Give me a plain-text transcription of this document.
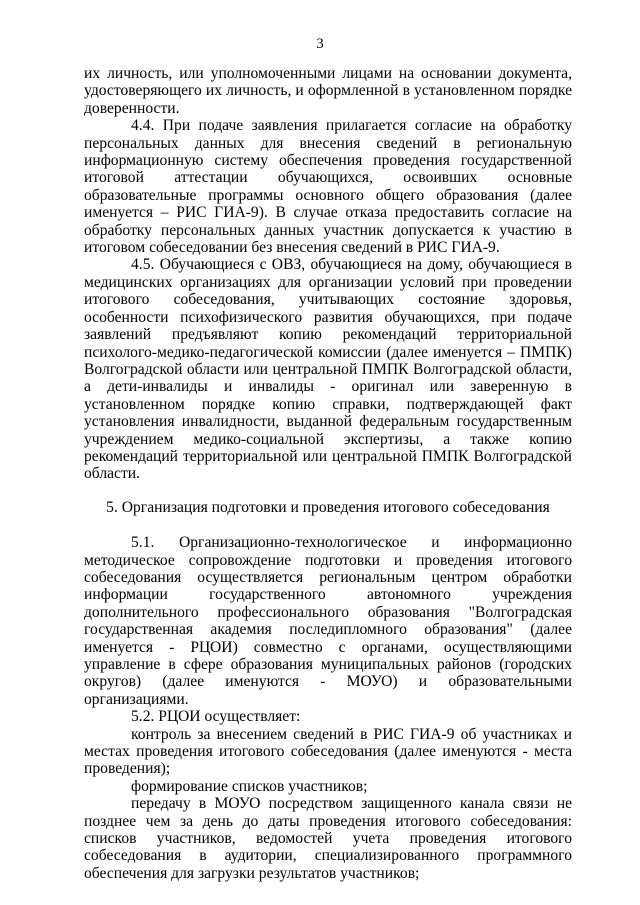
3

их личность, или уполномоченными лицами на основании документа, удостоверяющего их личность, и оформленной в установленном порядке доверенности.

4.4. При подаче заявления прилагается согласие на обработку персональных данных для внесения сведений в региональную информационную систему обеспечения проведения государственной итоговой аттестации обучающихся, освоивших основные образовательные программы основного общего образования (далее именуется – РИС ГИА-9). В случае отказа предоставить согласие на обработку персональных данных участник допускается к участию в итоговом собеседовании без внесения сведений в РИС ГИА-9.

4.5. Обучающиеся с ОВЗ, обучающиеся на дому, обучающиеся в медицинских организациях для организации условий при проведении итогового собеседования, учитывающих состояние здоровья, особенности психофизического развития обучающихся, при подаче заявлений предъявляют копию рекомендаций территориальной психолого-медико-педагогической комиссии (далее именуется – ПМПК) Волгоградской области или центральной ПМПК Волгоградской области, а дети-инвалиды и инвалиды - оригинал или заверенную в установленном порядке копию справки, подтверждающей факт установления инвалидности, выданной федеральным государственным учреждением медико-социальной экспертизы, а также копию рекомендаций территориальной или центральной ПМПК Волгоградской области.

5. Организация подготовки и проведения итогового собеседования

5.1. Организационно-технологическое и информационно методическое сопровождение подготовки и проведения итогового собеседования осуществляется региональным центром обработки информации государственного автономного учреждения дополнительного профессионального образования "Волгоградская государственная академия последипломного образования" (далее именуется - РЦОИ) совместно с органами, осуществляющими управление в сфере образования муниципальных районов (городских округов) (далее именуются - МОУО) и образовательными организациями.

5.2. РЦОИ осуществляет:

контроль за внесением сведений в РИС ГИА-9 об участниках и местах проведения итогового собеседования (далее именуются - места проведения);

формирование списков участников;

передачу в МОУО посредством защищенного канала связи не позднее чем за день до даты проведения итогового собеседования: списков участников, ведомостей учета проведения итогового собеседования в аудитории, специализированного программного обеспечения для загрузки результатов участников;
